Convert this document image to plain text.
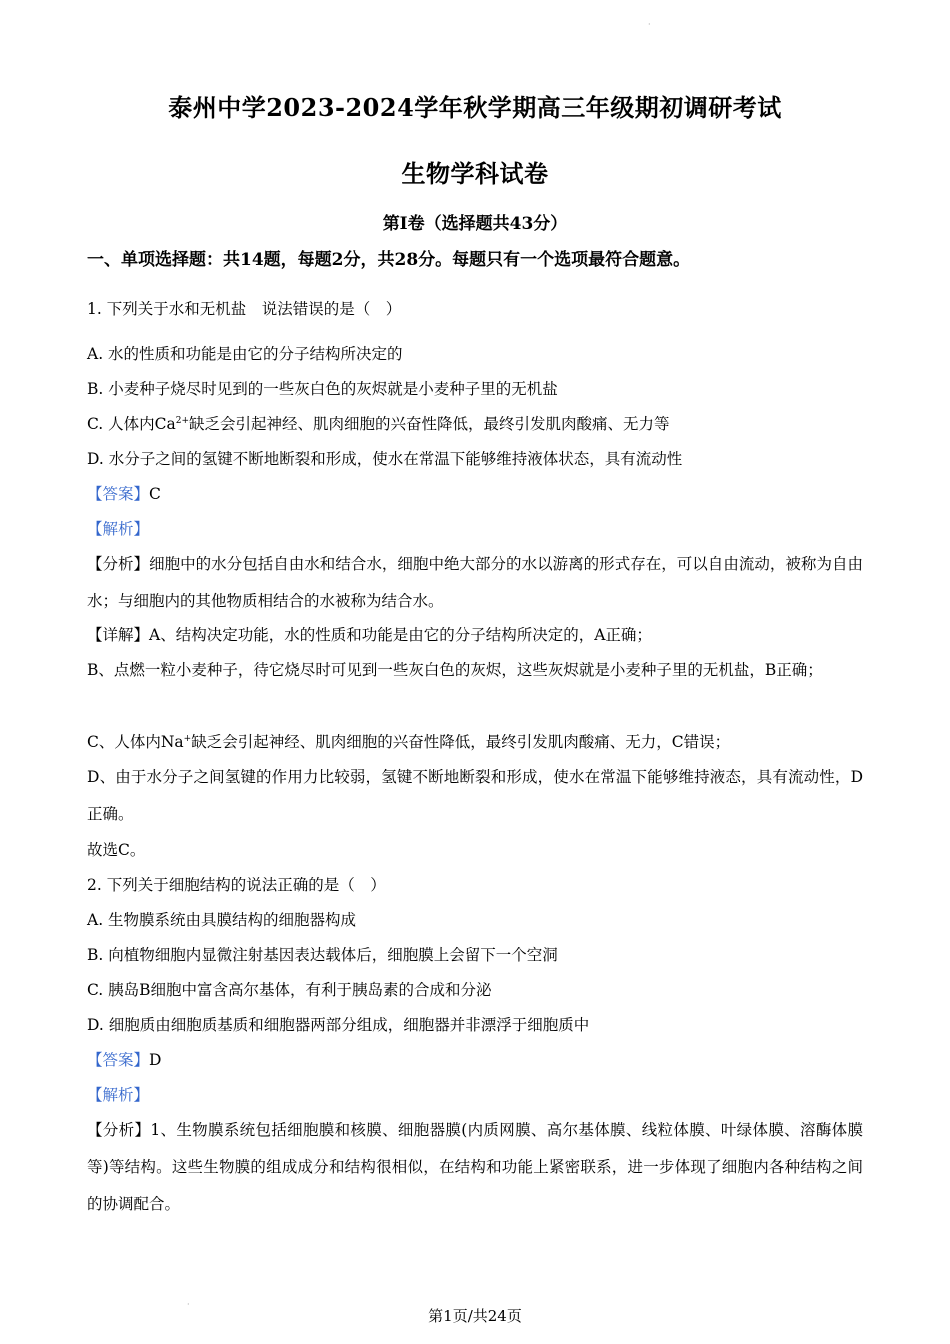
泰州中学2023-2024学年秋学期高三年级期初调研考试
生物学科试卷
第Ⅰ卷（选择题共43分）
一、单项选择题：共14题，每题2分，共28分。每题只有一个选项最符合题意。
1. 下列关于水和无机盐　说法错误的是（　）
A. 水的性质和功能是由它的分子结构所决定的
B. 小麦种子烧尽时见到的一些灰白色的灰烬就是小麦种子里的无机盐
C. 人体内$Ca^{2+}$缺乏会引起神经、肌肉细胞的兴奋性降低，最终引发肌肉酸痛、无力等
D. 水分子之间的氢键不断地断裂和形成，使水在常温下能够维持液体状态，具有流动性
【答案】C
【解析】
【分析】细胞中的水分包括自由水和结合水，细胞中绝大部分的水以游离的形式存在，可以自由流动，被称为自由水；与细胞内的其他物质相结合的水被称为结合水。
【详解】A、结构决定功能，水的性质和功能是由它的分子结构所决定的，A正确；
B、点燃一粒小麦种子，待它烧尽时可见到一些灰白色的灰烬，这些灰烬就是小麦种子里的无机盐，B正确；
C、人体内Na+缺乏会引起神经、肌肉细胞的兴奋性降低，最终引发肌肉酸痛、无力，C错误；
D、由于水分子之间氢键的作用力比较弱，氢键不断地断裂和形成，使水在常温下能够维持液态，具有流动性，D正确。
故选C。
2. 下列关于细胞结构的说法正确的是（　）
A. 生物膜系统由具膜结构的细胞器构成
B. 向植物细胞内显微注射基因表达载体后，细胞膜上会留下一个空洞
C. 胰岛B细胞中富含高尔基体，有利于胰岛素的合成和分泌
D. 细胞质由细胞质基质和细胞器两部分组成，细胞器并非漂浮于细胞质中
【答案】D
【解析】
【分析】1、生物膜系统包括细胞膜和核膜、细胞器膜(内质网膜、高尔基体膜、线粒体膜、叶绿体膜、溶酶体膜等)等结构。这些生物膜的组成成分和结构很相似，在结构和功能上紧密联系，进一步体现了细胞内各种结构之间的协调配合。
第1页/共24页
·
·
